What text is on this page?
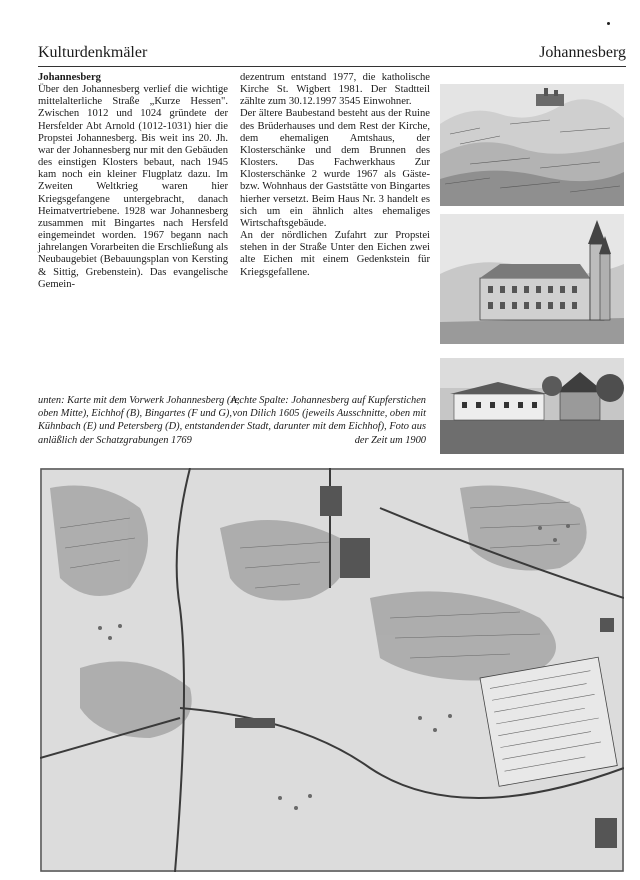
Kulturdenkmäler	Johannesberg

Johannesberg

Über den Johannesberg verlief die wichtige mittelalterliche Straße „Kurze Hessen". Zwischen 1012 und 1024 gründete der Hersfelder Abt Arnold (1012-1031) hier die Propstei Johannesberg. Bis weit ins 20. Jh. war der Johannesberg nur mit den Gebäuden des einstigen Klosters bebaut, nach 1945 kam noch ein kleiner Flugplatz dazu. Im Zweiten Weltkrieg waren hier Kriegsgefangene untergebracht, danach Heimatvertriebene. 1928 war Johannesberg zusammen mit Bingartes nach Hersfeld eingemeindet worden. 1967 begann nach jahrelangen Vorarbeiten die Erschließung als Neubaugebiet (Bebauungsplan von Kersting & Sittig, Grebenstein). Das evangelische Gemein-

dezentrum entstand 1977, die katholische Kirche St. Wigbert 1981. Der Stadtteil zählte zum 30.12.1997 3545 Einwohner.

Der ältere Baubestand besteht aus der Ruine des Brüderhauses und dem Rest der Kirche, dem ehemaligen Amtshaus, der Klosterschänke und dem Brunnen des Klosters. Das Fachwerkhaus Zur Klosterschänke 2 wurde 1967 als Gäste- bzw. Wohnhaus der Gaststätte von Bingartes hierher versetzt. Beim Haus Nr. 3 handelt es sich um ein ähnlich altes ehemaliges Wirtschaftsgebäude.

An der nördlichen Zufahrt zur Propstei stehen in der Straße Unter den Eichen zwei alte Eichen mit einem Gedenkstein für Kriegsgefallene.

unten: Karte mit dem Vorwerk Johannesberg (A, oben Mitte), Eichhof (B), Bingartes (F und G), Kühnbach (E) und Petersberg (D), entstanden anläßlich der Schatzgrabungen 1769
rechte Spalte: Johannesberg auf Kupferstichen von Dilich 1605 (jeweils Ausschnitte, oben mit der Stadt, darunter mit dem Eichhof), Foto aus der Zeit um 1900
